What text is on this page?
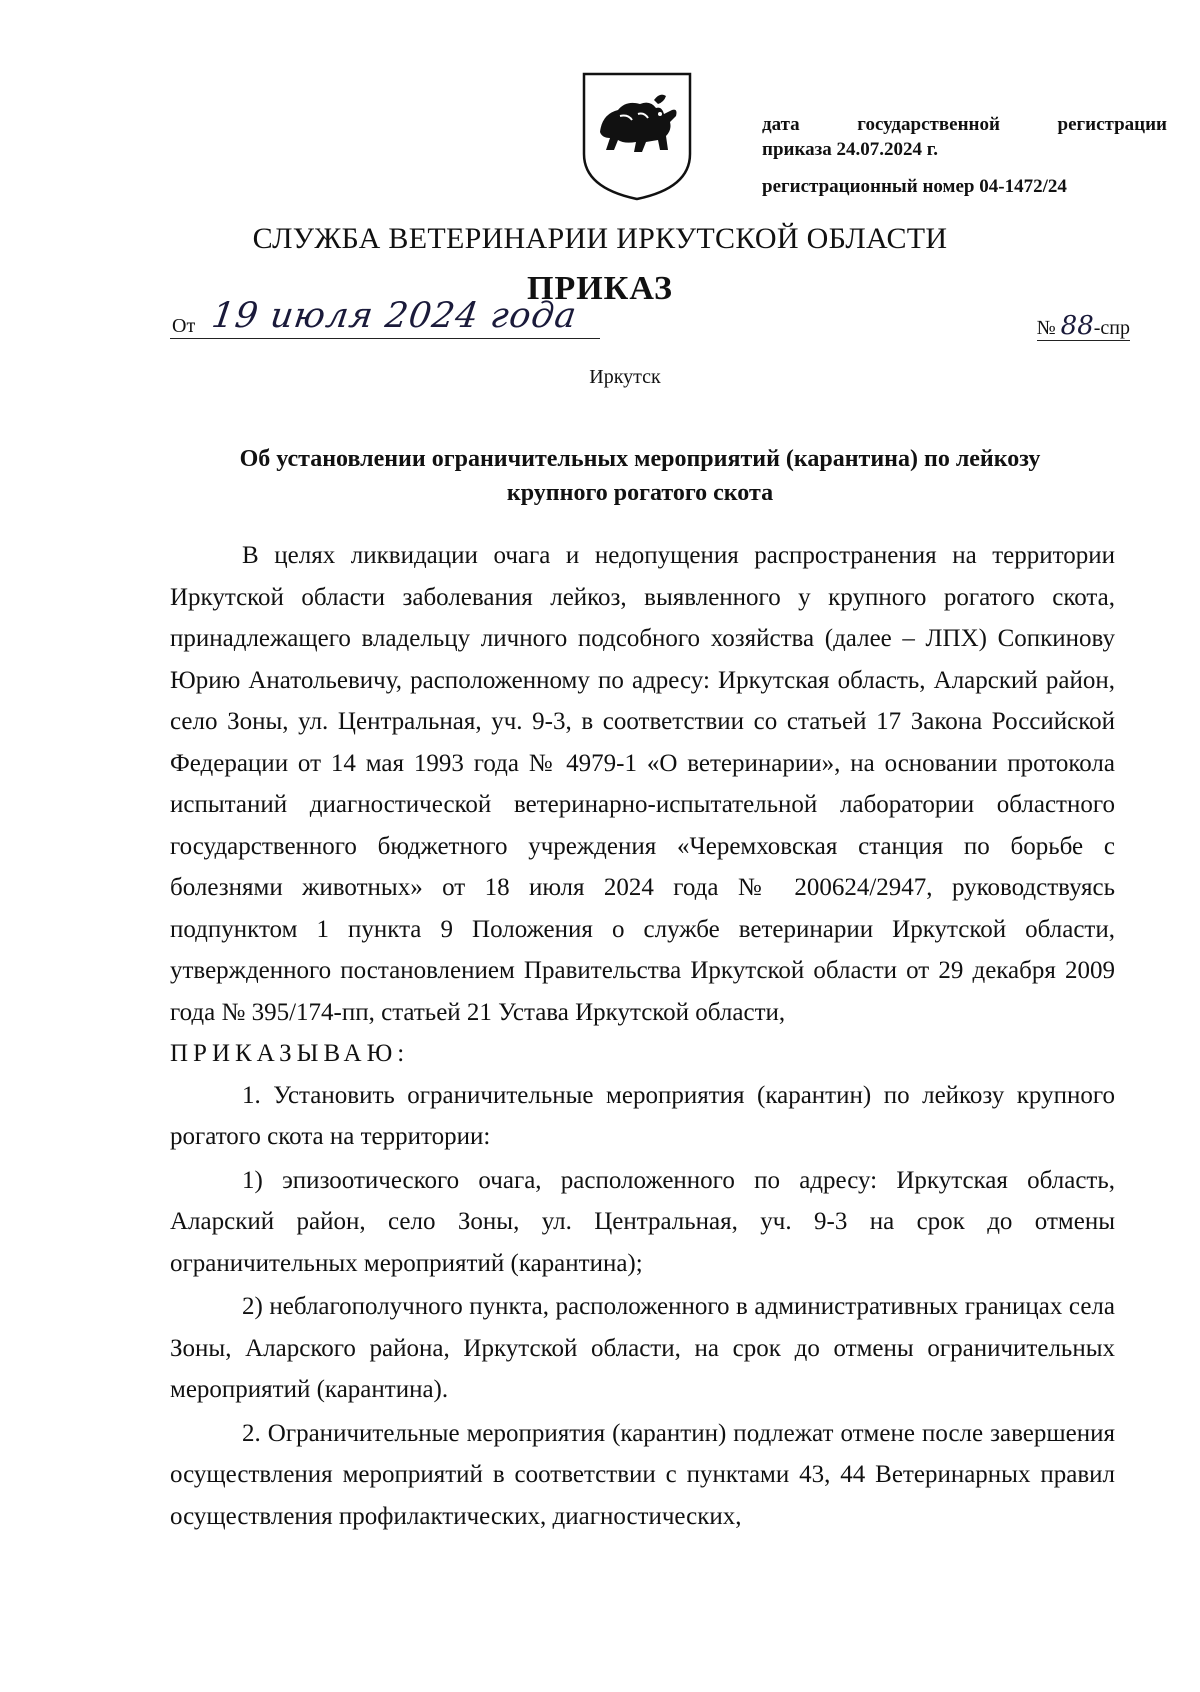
дата государственной регистрации
приказа 24.07.2024 г.
регистрационный номер 04-1472/24
СЛУЖБА ВЕТЕРИНАРИИ ИРКУТСКОЙ ОБЛАСТИ
ПРИКАЗ
От 19 июля 2024 года	№ 88-спр
Иркутск
Об установлении ограничительных мероприятий (карантина) по лейкозу крупного рогатого скота

В целях ликвидации очага и недопущения распространения на территории Иркутской области заболевания лейкоз, выявленного у крупного рогатого скота, принадлежащего владельцу личного подсобного хозяйства (далее – ЛПХ) Сопкинову Юрию Анатольевичу, расположенному по адресу: Иркутская область, Аларский район, село Зоны, ул. Центральная, уч. 9-3, в соответствии со статьей 17 Закона Российской Федерации от 14 мая 1993 года № 4979-1 «О ветеринарии», на основании протокола испытаний диагностической ветеринарно-испытательной лаборатории областного государственного бюджетного учреждения «Черемховская станция по борьбе с болезнями животных» от 18 июля 2024 года № 200624/2947, руководствуясь подпунктом 1 пункта 9 Положения о службе ветеринарии Иркутской области, утвержденного постановлением Правительства Иркутской области от 29 декабря 2009 года № 395/174-пп, статьей 21 Устава Иркутской области,

ПРИКАЗЫВАЮ:

1. Установить ограничительные мероприятия (карантин) по лейкозу крупного рогатого скота на территории:

1) эпизоотического очага, расположенного по адресу: Иркутская область, Аларский район, село Зоны, ул. Центральная, уч. 9-3 на срок до отмены ограничительных мероприятий (карантина);

2) неблагополучного пункта, расположенного в административных границах села Зоны, Аларского района, Иркутской области, на срок до отмены ограничительных мероприятий (карантина).

2. Ограничительные мероприятия (карантин) подлежат отмене после завершения осуществления мероприятий в соответствии с пунктами 43, 44 Ветеринарных правил осуществления профилактических, диагностических,
